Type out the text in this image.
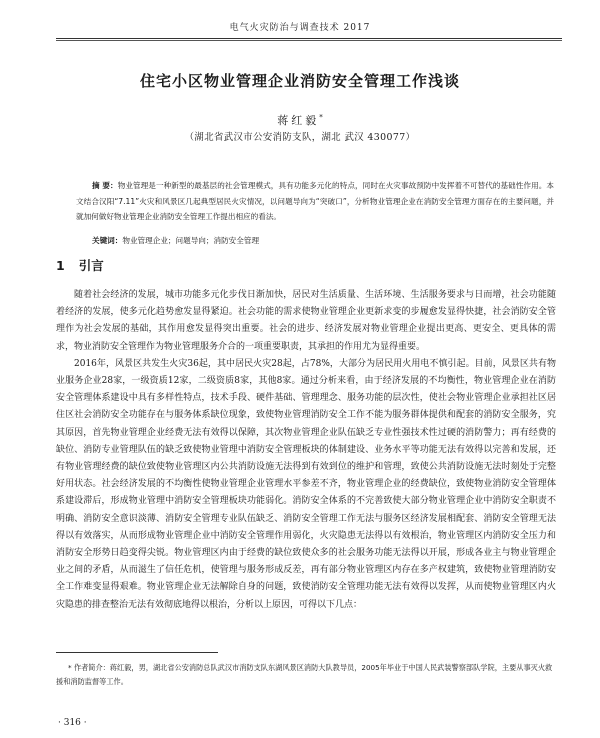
电气火灾防治与调查技术 2017
住宅小区物业管理企业消防安全管理工作浅谈
蒋红毅*
（湖北省武汉市公安消防支队，湖北 武汉 430077）

摘 要：物业管理是一种新型的最基层的社会管理模式，具有功能多元化的特点，同时在火灾事故预防中发挥着不可替代的基础性作用。本文结合汉阳“7.11”火灾和风景区几起典型居民火灾情况，以问题导向为“突破口”，分析物业管理企业在消防安全管理方面存在的主要问题，并就加何做好物业管理企业消防安全管理工作提出相应的看法。

关键词：物业管理企业；问题导向；消防安全管理

1 引言

随着社会经济的发展，城市功能多元化步伐日渐加快，居民对生活质量、生活环境、生活服务要求与日而增，社会功能随着经济的发展，使多元化趋势愈发显得紧迫。社会功能的需求使物业管理企业更新求变的步履愈发显得快捷，社会消防安全管理作为社会发展的基础，其作用愈发显得突出重要。社会的进步、经济发展对物业管理企业提出更高、更安全、更具体的需求，物业消防安全管理作为物业管理服务介合的一项重要职责，其承担的作用尤为显得重要。

2016年，风景区共发生火灾36起，其中居民火灾28起，占78%，大部分为居民用火用电不慎引起。目前，风景区共有物业服务企业28家，一级资质12家，二级资质8家，其他8家。通过分析来看，由于经济发展的不均衡性，物业管理企业在消防安全管理体系建设中具有多样性特点，技术手段、硬件基础、管理理念、服务功能的层次性，使社会物业管理企业承担社区居住区社会消防安全功能存在与服务体系缺位现象，致使物业管理消防安全工作不能为服务群体提供和配套的消防安全服务，究其原因，首先物业管理企业经费无法有效得以保障，其次物业管理企业队伍缺乏专业性强技术性过硬的消防警力；再有经费的缺位、消防专业管理队伍的缺乏致使物业管理中消防安全管理板块的体制建设、业务水平等功能无法有效得以完善和发展，还有物业管理经费的缺位致使物业管理区内公共消防设施无法得到有效到位的维护和管理，致使公共消防设施无法时刻处于完整好用状态。社会经济发展的不均衡性使物业管理企业管理水平参差不齐，物业管理企业的经费缺位，致使物业消防安全管理体系建设滞后，形成物业管理中消防安全管理板块功能弱化。消防安全体系的不完善致使大部分物业管理企业中消防安全职责不明确、消防安全意识淡薄、消防安全管理专业队伍缺乏、消防安全管理工作无法与服务区经济发展相配套、消防安全管理无法得以有效落实，从而形成物业管理企业中消防安全管理作用弱化，火灾隐患无法得以有效根治，物业管理区内消防安全压力和消防安全形势日趋变得尖锐。物业管理区内由于经费的缺位致使众多的社会服务功能无法得以开展，形成各业主与物业管理企业之间的矛盾，从而滋生了信任危机，使管理与服务形成反差，再有部分物业管理区内存在多产权建筑，致使物业管理消防安全工作难变显得艰难。物业管理企业无法解除自身的问题，致使消防安全管理功能无法有效得以发挥，从而使物业管理区内火灾隐患的排查整治无法有效彻底地得以根治，分析以上原因，可得以下几点：

* 作者简介：蒋红毅，男，湖北省公安消防总队武汉市消防支队东湖风景区消防大队教导员，2005年毕业于中国人民武装警察部队学院，主要从事灭火救援和消防监督等工作。

· 316 ·
